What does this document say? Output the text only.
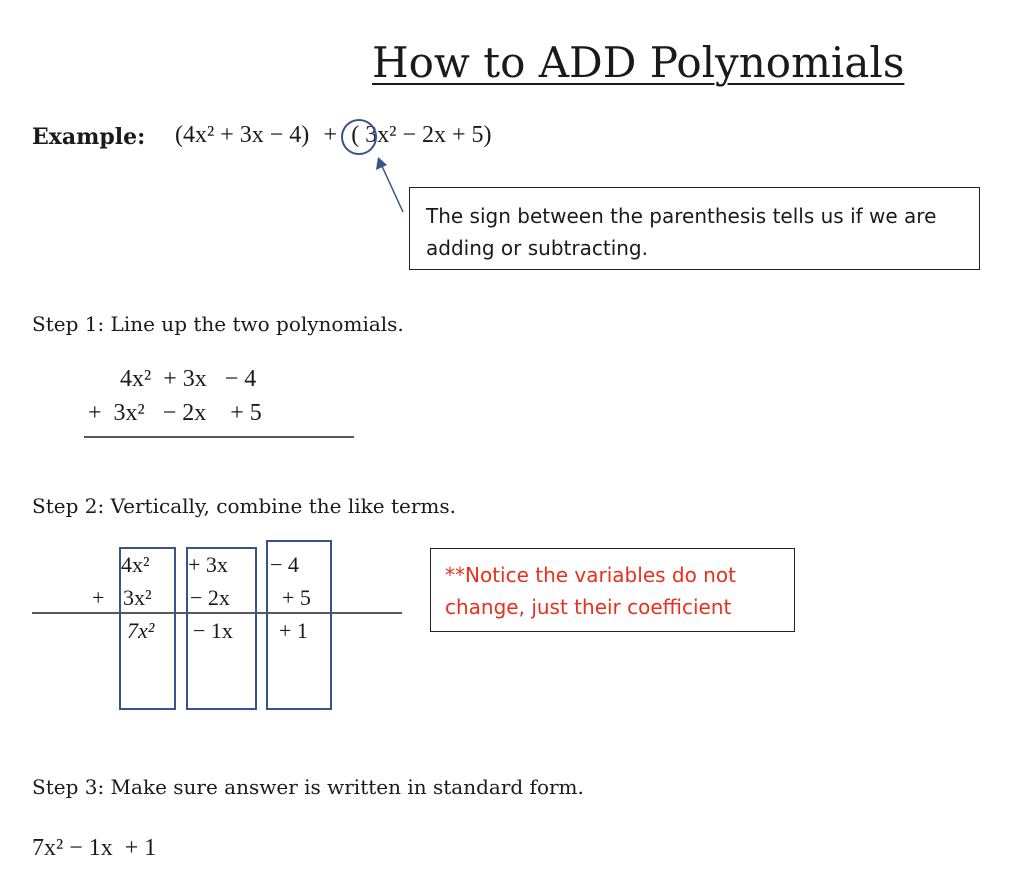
How to ADD Polynomials
Example: (4x² + 3x − 4) + ( 3x² − 2x + 5)
The sign between the parenthesis tells us if we are adding or subtracting.
Step 1: Line up the two polynomials.
4x²  + 3x   − 4
+  3x²   − 2x    + 5
Step 2: Vertically, combine the like terms.
+
4x²
3x²
7x²
+ 3x
− 2x
− 1x
− 4
+ 5
+ 1
**Notice the variables do not change, just their coefficient
Step 3: Make sure answer is written in standard form.
7x² − 1x  + 1
